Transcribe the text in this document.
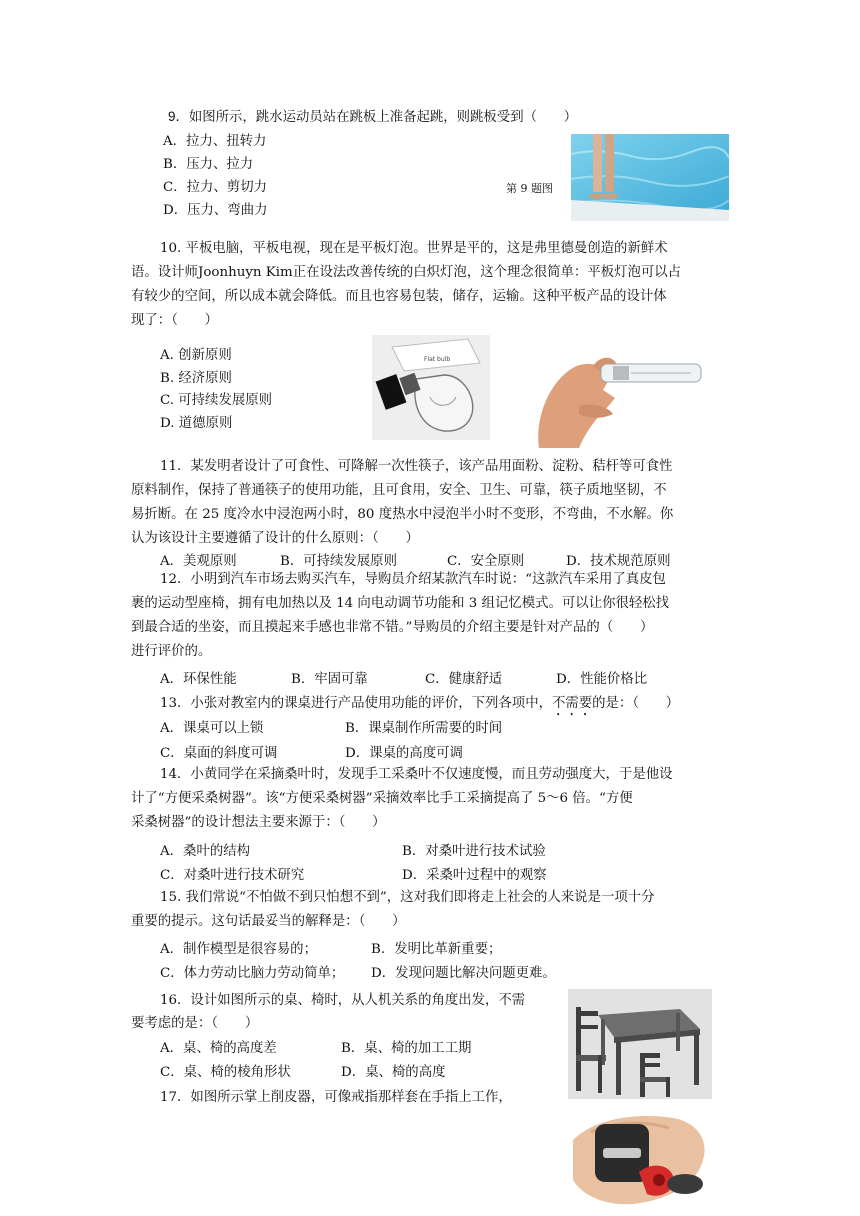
9．如图所示，跳水运动员站在跳板上准备起跳，则跳板受到（　　）
A．拉力、扭转力
B．压力、拉力
C．拉力、剪切力
D．压力、弯曲力
第 9 题图
10. 平板电脑，平板电视，现在是平板灯泡。世界是平的，这是弗里德曼创造的新鲜术
语。设计师Joonhuyn Kim正在设法改善传统的白炽灯泡，这个理念很简单：平板灯泡可以占
有较少的空间，所以成本就会降低。而且也容易包装，储存，运输。这种平板产品的设计体
现了：（　　）
A. 创新原则
B. 经济原则
C. 可持续发展原则
D. 道德原则
Flat bulb
11．某发明者设计了可食性、可降解一次性筷子，该产品用面粉、淀粉、秸杆等可食性
原料制作，保持了普通筷子的使用功能，且可食用，安全、卫生、可靠，筷子质地坚韧，不
易折断。在 25 度冷水中浸泡两小时，80 度热水中浸泡半小时不变形，不弯曲，不水解。你
认为该设计主要遵循了设计的什么原则：（　　）
A．美观原则	B．可持续发展原则	C．安全原则	D．技术规范原则
12．小明到汽车市场去购买汽车，导购员介绍某款汽车时说：“这款汽车采用了真皮包
裹的运动型座椅，拥有电加热以及 14 向电动调节功能和 3 组记忆模式。可以让你很轻松找
到最合适的坐姿，而且摸起来手感也非常不错。”导购员的介绍主要是针对产品的（　　）
进行评价的。
A．环保性能	B．牢固可靠	C．健康舒适	D．性能价格比
13．小张对教室内的课桌进行产品使用功能的评价，下列各项中，不需要的是：（　　）
A．课桌可以上锁	B．课桌制作所需要的时间
C．桌面的斜度可调	D．课桌的高度可调
14．小黄同学在采摘桑叶时，发现手工采桑叶不仅速度慢，而且劳动强度大，于是他设
计了“方便采桑树器”。该“方便采桑树器”采摘效率比手工采摘提高了 5～6 倍。“方便
采桑树器”的设计想法主要来源于：（　　）
A．桑叶的结构	B．对桑叶进行技术试验
C．对桑叶进行技术研究	D．采桑叶过程中的观察
15. 我们常说“不怕做不到只怕想不到”，这对我们即将走上社会的人来说是一项十分
重要的提示。这句话最妥当的解释是：（　　）
A．制作模型是很容易的；	B．发明比革新重要；
C．体力劳动比脑力劳动简单； D．发现问题比解决问题更难。
16．设计如图所示的桌、椅时，从人机关系的角度出发，不需
要考虑的是：（　　）
A．桌、椅的高度差	B．桌、椅的加工工期
C．桌、椅的棱角形状	D．桌、椅的高度
17．如图所示掌上削皮器，可像戒指那样套在手指上工作，
